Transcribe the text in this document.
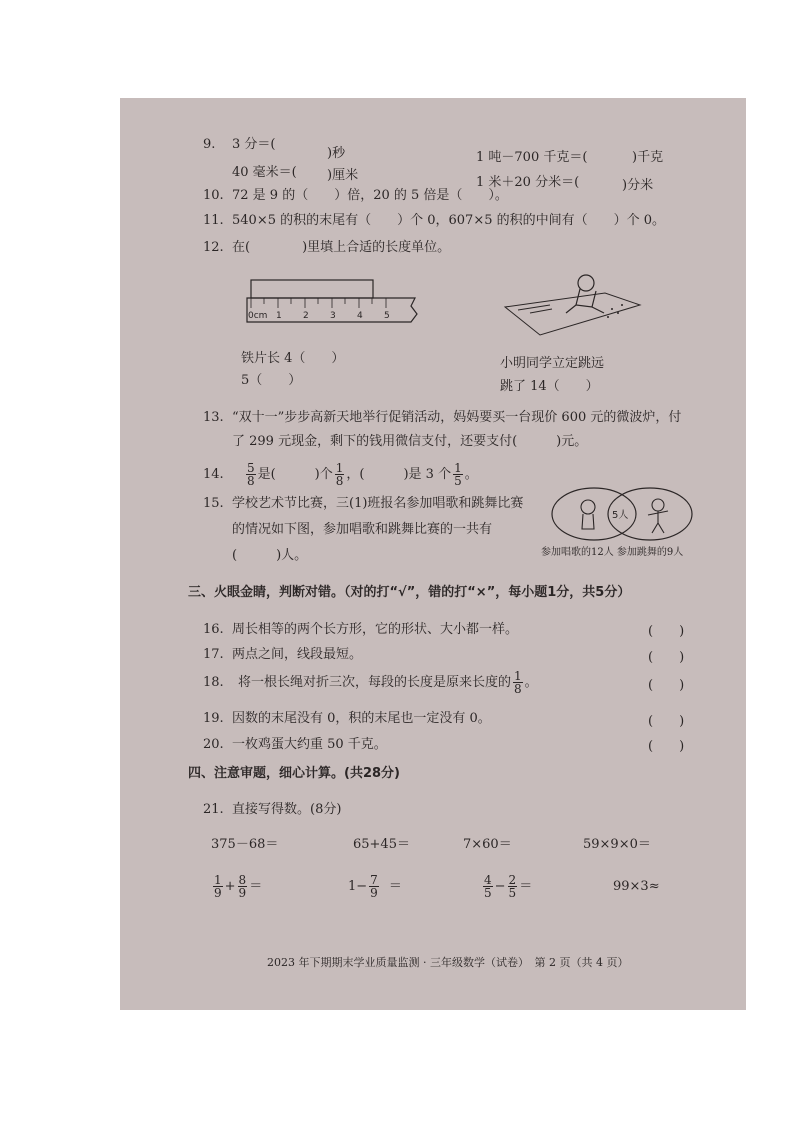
9. 3 分＝(
)秒
40 毫米＝( )厘米
1 吨－700 千克＝(	)千克
1 米＋20 分米＝(	)分米
10. 72 是 9 的（　　）倍，20 的 5 倍是（　　）。
11. 540×5 的积的末尾有（　　）个 0，607×5 的积的中间有（　　）个 0。
12. 在(　　　　)里填上合适的长度单位。
0cm 1 2 3 4 5
铁片长 4（　　）
5（　　）
小明同学立定跳远
跳了 14（　　）
13. “双十一”步步高新天地举行促销活动，妈妈要买一台现价 600 元的微波炉，付
了 299 元现金，剩下的钱用微信支付，还要支付(　　　)元。
14. $\frac{5}{8}$ 是(　　　)个 $\frac{1}{8}$ ，(　　　)是 3 个 $\frac{1}{5}$ 。
15. 学校艺术节比赛，三(1)班报名参加唱歌和跳舞比赛
的情况如下图，参加唱歌和跳舞比赛的一共有
(　　　)人。
5人
参加唱歌的12人 参加跳舞的9人
三、火眼金睛，判断对错。（对的打“√”，错的打“×”，每小题1分，共5分）
16. 周长相等的两个长方形，它的形状、大小都一样。	(　　)
17. 两点之间，线段最短。	(　　)
18. 将一根长绳对折三次，每段的长度是原来长度的 $\frac{1}{8}$ 。	(　　)
19. 因数的末尾没有 0，积的末尾也一定没有 0。	(　　)
20. 一枚鸡蛋大约重 50 千克。	(　　)
四、注意审题，细心计算。(共28分)
21. 直接写得数。(8分)
375－68＝	65+45＝	7×60＝	59×9×0＝
$\frac{1}{9} + \frac{8}{9}$ ＝	$1- \frac{7}{9}$ ＝	$\frac{4}{5} - \frac{2}{5}$ ＝	99×3≈
2023 年下期期末学业质量监测 · 三年级数学（试卷）　第 2 页（共 4 页）
